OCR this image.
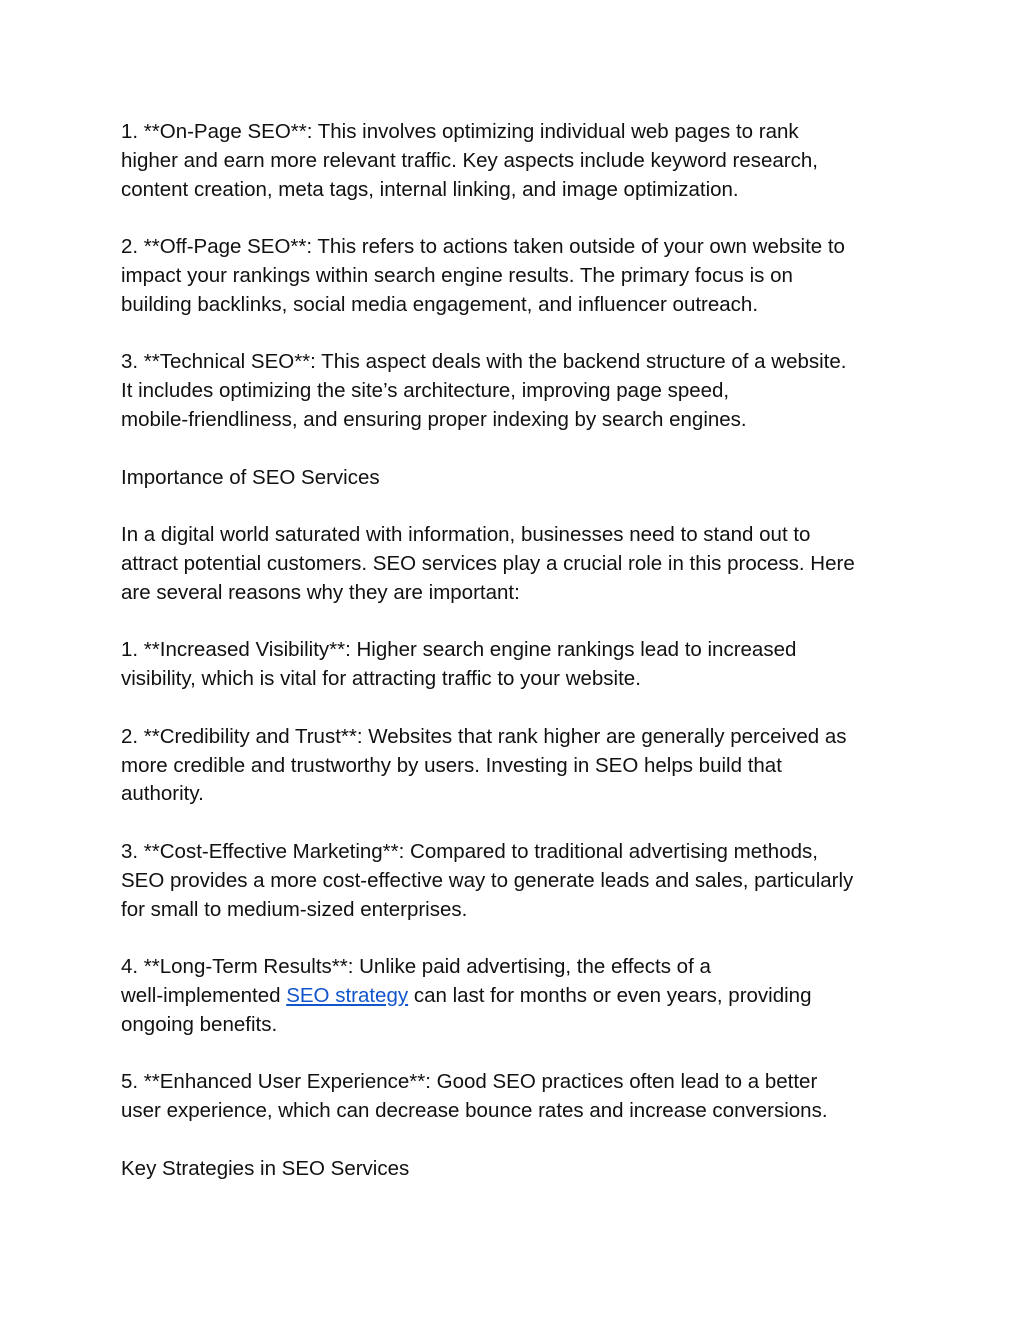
1. **On-Page SEO**: This involves optimizing individual web pages to rank
higher and earn more relevant traffic. Key aspects include keyword research,
content creation, meta tags, internal linking, and image optimization.

2. **Off-Page SEO**: This refers to actions taken outside of your own website to
impact your rankings within search engine results. The primary focus is on
building backlinks, social media engagement, and influencer outreach.

3. **Technical SEO**: This aspect deals with the backend structure of a website.
It includes optimizing the site’s architecture, improving page speed,
mobile-friendliness, and ensuring proper indexing by search engines.

Importance of SEO Services

In a digital world saturated with information, businesses need to stand out to
attract potential customers. SEO services play a crucial role in this process. Here
are several reasons why they are important:

1. **Increased Visibility**: Higher search engine rankings lead to increased
visibility, which is vital for attracting traffic to your website.

2. **Credibility and Trust**: Websites that rank higher are generally perceived as
more credible and trustworthy by users. Investing in SEO helps build that
authority.

3. **Cost-Effective Marketing**: Compared to traditional advertising methods,
SEO provides a more cost-effective way to generate leads and sales, particularly
for small to medium-sized enterprises.

4. **Long-Term Results**: Unlike paid advertising, the effects of a
well-implemented SEO strategy can last for months or even years, providing
ongoing benefits.

5. **Enhanced User Experience**: Good SEO practices often lead to a better
user experience, which can decrease bounce rates and increase conversions.

Key Strategies in SEO Services
